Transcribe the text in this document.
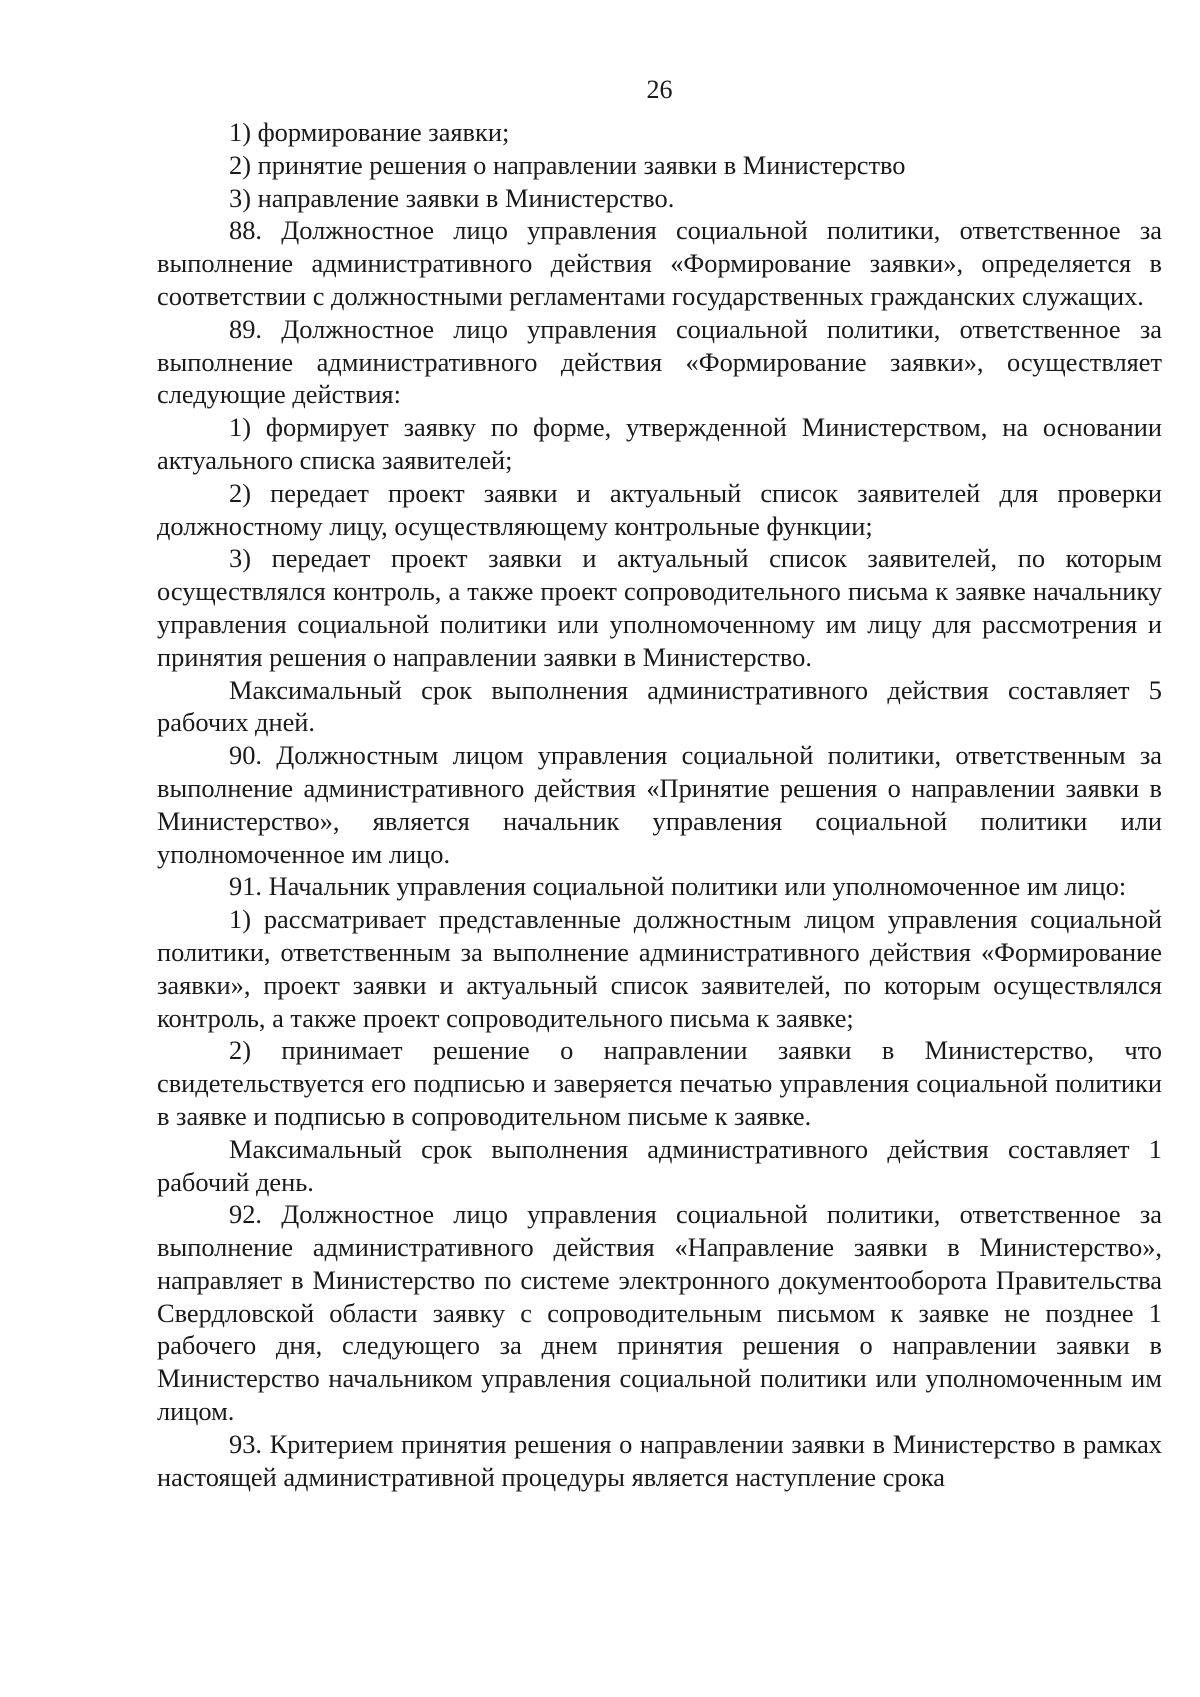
26

1) формирование заявки;

2) принятие решения о направлении заявки в Министерство

3) направление заявки в Министерство.

88. Должностное лицо управления социальной политики, ответственное за выполнение административного действия «Формирование заявки», определяется в соответствии с должностными регламентами государственных гражданских служащих.

89. Должностное лицо управления социальной политики, ответственное за выполнение административного действия «Формирование заявки», осуществляет следующие действия:

1) формирует заявку по форме, утвержденной Министерством, на основании актуального списка заявителей;

2) передает проект заявки и актуальный список заявителей для проверки должностному лицу, осуществляющему контрольные функции;

3) передает проект заявки и актуальный список заявителей, по которым осуществлялся контроль, а также проект сопроводительного письма к заявке начальнику управления социальной политики или уполномоченному им лицу для рассмотрения и принятия решения о направлении заявки в Министерство.

Максимальный срок выполнения административного действия составляет 5 рабочих дней.

90. Должностным лицом управления социальной политики, ответственным за выполнение административного действия «Принятие решения о направлении заявки в Министерство», является начальник управления социальной политики или уполномоченное им лицо.

91. Начальник управления социальной политики или уполномоченное им лицо:

1) рассматривает представленные должностным лицом управления социальной политики, ответственным за выполнение административного действия «Формирование заявки», проект заявки и актуальный список заявителей, по которым осуществлялся контроль, а также проект сопроводительного письма к заявке;

2) принимает решение о направлении заявки в Министерство, что свидетельствуется его подписью и заверяется печатью управления социальной политики в заявке и подписью в сопроводительном письме к заявке.

Максимальный срок выполнения административного действия составляет 1 рабочий день.

92. Должностное лицо управления социальной политики, ответственное за выполнение административного действия «Направление заявки в Министерство», направляет в Министерство по системе электронного документооборота Правительства Свердловской области заявку с сопроводительным письмом к заявке не позднее 1 рабочего дня, следующего за днем принятия решения о направлении заявки в Министерство начальником управления социальной политики или уполномоченным им лицом.

93. Критерием принятия решения о направлении заявки в Министерство в рамках настоящей административной процедуры является наступление срока
